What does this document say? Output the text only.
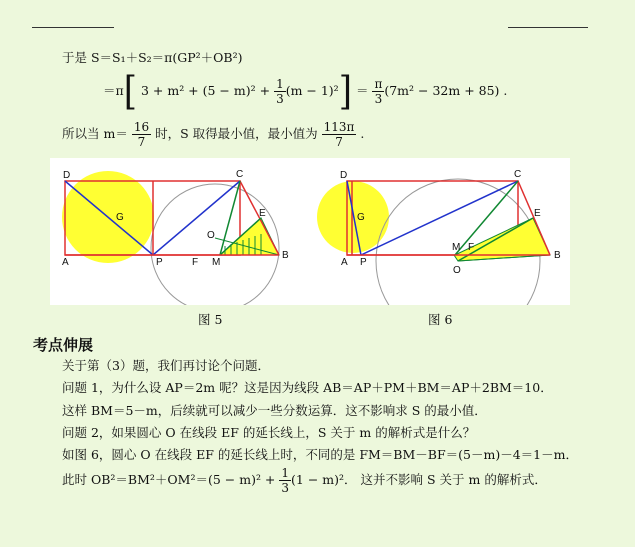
于是 S＝S₁＋S₂＝π(GP²＋OB²)
＝π[ $3 + m^2 + (5 - m)^2 + \frac{1}{3} (m - 1)^2] = \frac{\pi}{3} (7m^2 - 32m + 85)$ .
所以当 $m= \frac{16}{7}$ 时，S 取得最小值，最小值为 $\frac{113\pi}{7}$ .
D	C
G	E
O
A	P	F M
B
D	C
G	E
M F
A P
O
B
图 5	图 6
考点伸展
关于第（3）题，我们再讨论个问题．
问题 1，为什么设 AP＝2m 呢？这是因为线段 AB＝AP＋PM＋BM＝AP＋2BM＝10．
这样 BM＝5－m，后续就可以减少一些分数运算．这不影响求 S 的最小值．
问题 2，如果圆心 O 在线段 EF 的延长线上，S 关于 m 的解析式是什么？
如图 6，圆心 O 在线段 EF 的延长线上时，不同的是 FM＝BM－BF＝(5－m)－4＝1－m．
此时 $OB^2=BM^2+OM^2=(5 - m)^2 + \frac{1}{3} (1 - m)^2$． 这并不影响 S 关于 m 的解析式．
